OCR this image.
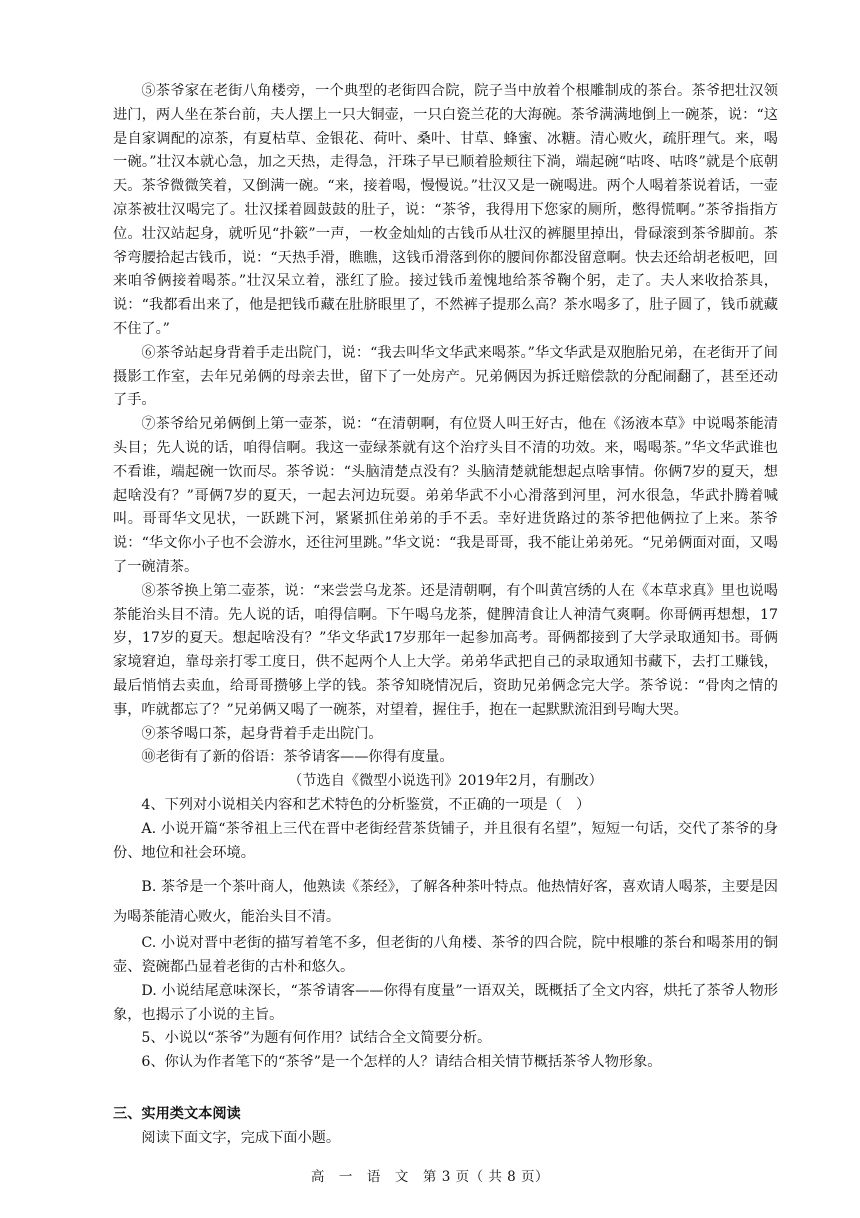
⑤茶爷家在老街八角楼旁，一个典型的老街四合院，院子当中放着个根雕制成的茶台。茶爷把壮汉领进门，两人坐在茶台前，夫人摆上一只大铜壶，一只白瓷兰花的大海碗。茶爷满满地倒上一碗茶，说：“这是自家调配的凉茶，有夏枯草、金银花、荷叶、桑叶、甘草、蜂蜜、冰糖。清心败火，疏肝理气。来，喝一碗。”壮汉本就心急，加之天热，走得急，汗珠子早已顺着脸颊往下淌，端起碗“咕咚、咕咚”就是个底朝天。茶爷微微笑着，又倒满一碗。“来，接着喝，慢慢说。”壮汉又是一碗喝进。两个人喝着茶说着话，一壶凉茶被壮汉喝完了。壮汉揉着圆鼓鼓的肚子，说：“茶爷，我得用下您家的厕所，憋得慌啊。”茶爷指指方位。壮汉站起身，就听见“扑簌”一声，一枚金灿灿的古钱币从壮汉的裤腿里掉出，骨碌滚到茶爷脚前。茶爷弯腰拾起古钱币，说：“天热手滑，瞧瞧，这钱币滑落到你的腰间你都没留意啊。快去还给胡老板吧，回来咱爷俩接着喝茶。”壮汉呆立着，涨红了脸。接过钱币羞愧地给茶爷鞠个躬，走了。夫人来收拾茶具，说：“我都看出来了，他是把钱币藏在肚脐眼里了，不然裤子提那么高？茶水喝多了，肚子圆了，钱币就藏不住了。”

⑥茶爷站起身背着手走出院门，说：“我去叫华文华武来喝茶。”华文华武是双胞胎兄弟，在老街开了间摄影工作室，去年兄弟俩的母亲去世，留下了一处房产。兄弟俩因为拆迁赔偿款的分配闹翻了，甚至还动了手。

⑦茶爷给兄弟俩倒上第一壶茶，说：“在清朝啊，有位贤人叫王好古，他在《汤液本草》中说喝茶能清头目；先人说的话，咱得信啊。我这一壶绿茶就有这个治疗头目不清的功效。来，喝喝茶。”华文华武谁也不看谁，端起碗一饮而尽。茶爷说：“头脑清楚点没有？头脑清楚就能想起点啥事情。你俩7岁的夏天，想起啥没有？”哥俩7岁的夏天，一起去河边玩耍。弟弟华武不小心滑落到河里，河水很急，华武扑腾着喊叫。哥哥华文见状，一跃跳下河，紧紧抓住弟弟的手不丢。幸好进货路过的茶爷把他俩拉了上来。茶爷说：“华文你小子也不会游水，还往河里跳。”华文说：“我是哥哥，我不能让弟弟死。“兄弟俩面对面，又喝了一碗清茶。

⑧茶爷换上第二壶茶，说：“来尝尝乌龙茶。还是清朝啊，有个叫黄宫绣的人在《本草求真》里也说喝茶能治头目不清。先人说的话，咱得信啊。下午喝乌龙茶，健脾清食让人神清气爽啊。你哥俩再想想，17岁，17岁的夏天。想起啥没有？”华文华武17岁那年一起参加高考。哥俩都接到了大学录取通知书。哥俩家境窘迫，靠母亲打零工度日，供不起两个人上大学。弟弟华武把自己的录取通知书藏下，去打工赚钱，最后悄悄去卖血，给哥哥攒够上学的钱。茶爷知晓情况后，资助兄弟俩念完大学。茶爷说：“骨肉之情的事，咋就都忘了？”兄弟俩又喝了一碗茶，对望着，握住手，抱在一起默默流泪到号啕大哭。

⑨茶爷喝口茶，起身背着手走出院门。

⑩老街有了新的俗语：茶爷请客——你得有度量。

（节选自《微型小说选刊》2019年2月，有删改）

4、下列对小说相关内容和艺术特色的分析鉴赏，不正确的一项是（　）

A. 小说开篇“茶爷祖上三代在晋中老街经营茶货铺子，并且很有名望”，短短一句话，交代了茶爷的身份、地位和社会环境。

B. 茶爷是一个茶叶商人，他熟读《茶经》，了解各种茶叶特点。他热情好客，喜欢请人喝茶，主要是因为喝茶能清心败火，能治头目不清。

C. 小说对晋中老街的描写着笔不多，但老街的八角楼、茶爷的四合院，院中根雕的茶台和喝茶用的铜壶、瓷碗都凸显着老街的古朴和悠久。

D. 小说结尾意味深长，“茶爷请客——你得有度量”一语双关，既概括了全文内容，烘托了茶爷人物形象，也揭示了小说的主旨。

5、小说以“茶爷”为题有何作用？试结合全文简要分析。

6、你认为作者笔下的“茶爷”是一个怎样的人？请结合相关情节概括茶爷人物形象。

三、实用类文本阅读

阅读下面文字，完成下面小题。

高　一　语　文　第 3 页（ 共 8 页）
